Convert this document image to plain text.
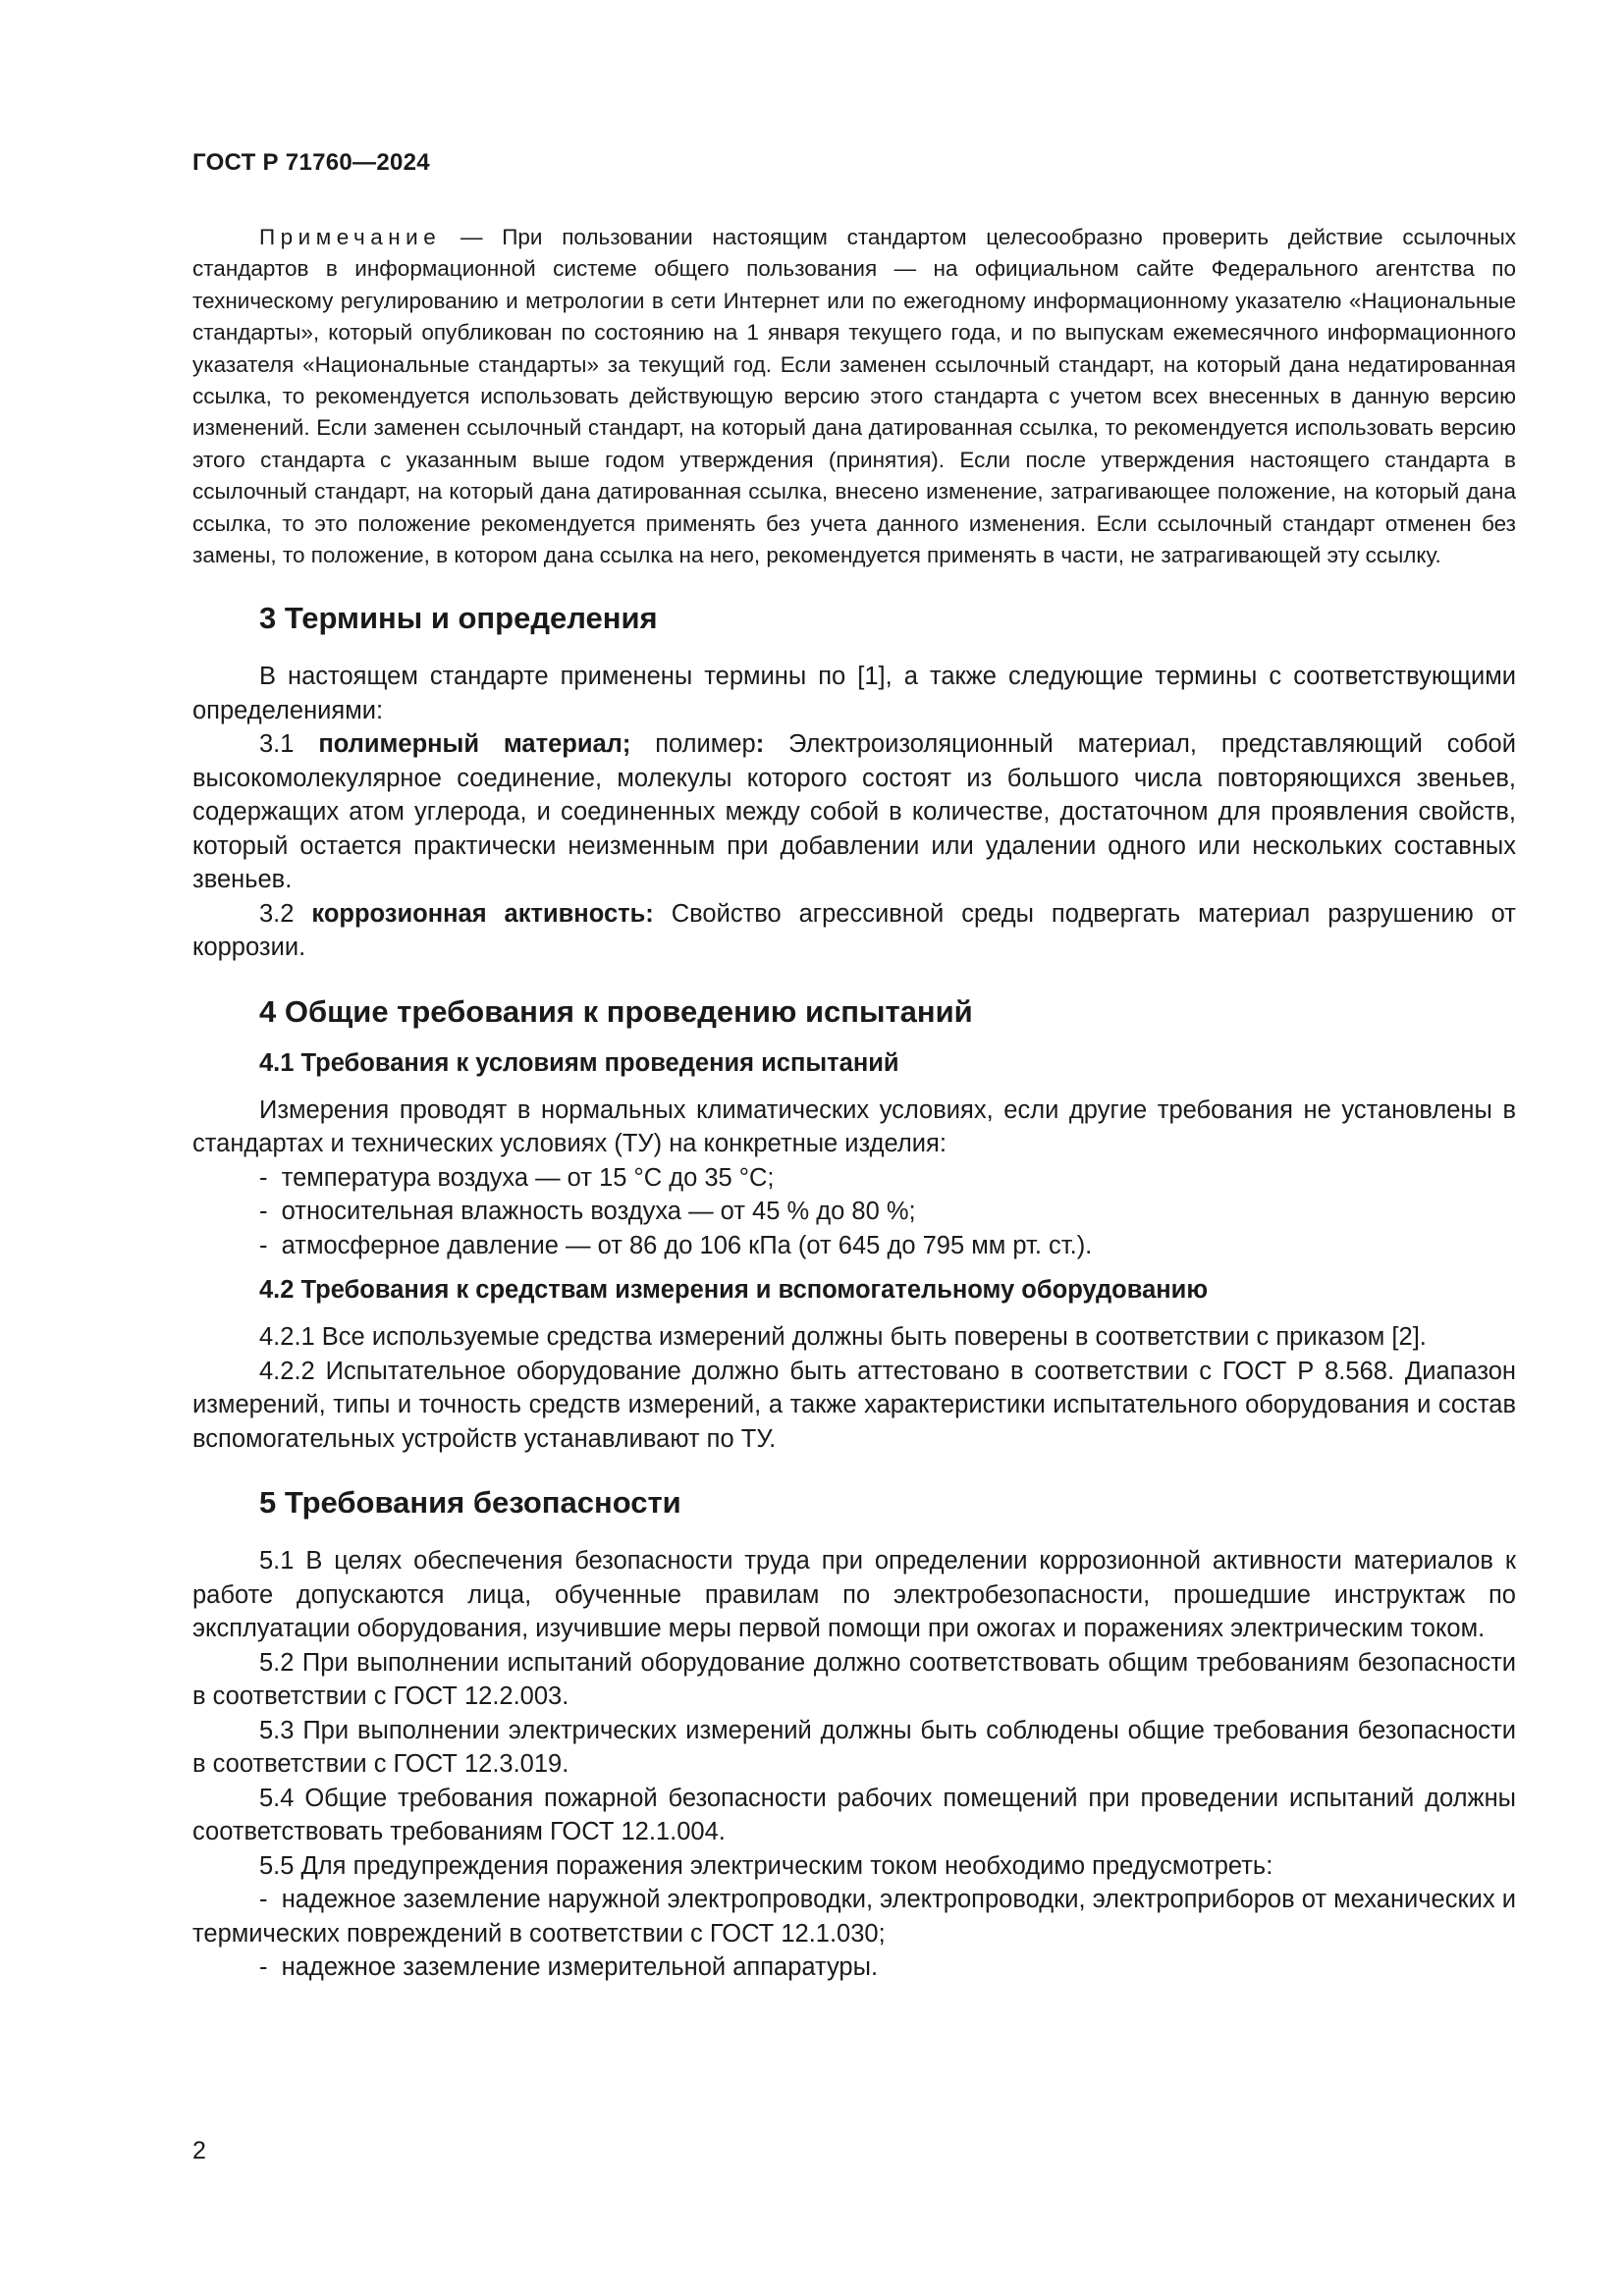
ГОСТ Р 71760—2024

Примечание — При пользовании настоящим стандартом целесообразно проверить действие ссылочных стандартов в информационной системе общего пользования — на официальном сайте Федерального агентства по техническому регулированию и метрологии в сети Интернет или по ежегодному информационному указателю «Национальные стандарты», который опубликован по состоянию на 1 января текущего года, и по выпускам ежемесячного информационного указателя «Национальные стандарты» за текущий год. Если заменен ссылочный стандарт, на который дана недатированная ссылка, то рекомендуется использовать действующую версию этого стандарта с учетом всех внесенных в данную версию изменений. Если заменен ссылочный стандарт, на который дана датированная ссылка, то рекомендуется использовать версию этого стандарта с указанным выше годом утверждения (принятия). Если после утверждения настоящего стандарта в ссылочный стандарт, на который дана датированная ссылка, внесено изменение, затрагивающее положение, на который дана ссылка, то это положение рекомендуется применять без учета данного изменения. Если ссылочный стандарт отменен без замены, то положение, в котором дана ссылка на него, рекомендуется применять в части, не затрагивающей эту ссылку.

3 Термины и определения

В настоящем стандарте применены термины по [1], а также следующие термины с соответствующими определениями:

3.1 полимерный материал; полимер: Электроизоляционный материал, представляющий собой высокомолекулярное соединение, молекулы которого состоят из большого числа повторяющихся звеньев, содержащих атом углерода, и соединенных между собой в количестве, достаточном для проявления свойств, который остается практически неизменным при добавлении или удалении одного или нескольких составных звеньев.

3.2 коррозионная активность: Свойство агрессивной среды подвергать материал разрушению от коррозии.

4 Общие требования к проведению испытаний
4.1 Требования к условиям проведения испытаний

Измерения проводят в нормальных климатических условиях, если другие требования не установлены в стандартах и технических условиях (ТУ) на конкретные изделия:

-  температура воздуха — от 15 °С до 35 °С;
-  относительная влажность воздуха — от 45 % до 80 %;
-  атмосферное давление — от 86 до 106 кПа (от 645 до 795 мм рт. ст.).
4.2 Требования к средствам измерения и вспомогательному оборудованию

4.2.1 Все используемые средства измерений должны быть поверены в соответствии с приказом [2].

4.2.2 Испытательное оборудование должно быть аттестовано в соответствии с ГОСТ Р 8.568. Диапазон измерений, типы и точность средств измерений, а также характеристики испытательного оборудования и состав вспомогательных устройств устанавливают по ТУ.

5 Требования безопасности

5.1 В целях обеспечения безопасности труда при определении коррозионной активности материалов к работе допускаются лица, обученные правилам по электробезопасности, прошедшие инструктаж по эксплуатации оборудования, изучившие меры первой помощи при ожогах и поражениях электрическим током.

5.2 При выполнении испытаний оборудование должно соответствовать общим требованиям безопасности в соответствии с ГОСТ 12.2.003.

5.3 При выполнении электрических измерений должны быть соблюдены общие требования безопасности в соответствии с ГОСТ 12.3.019.

5.4 Общие требования пожарной безопасности рабочих помещений при проведении испытаний должны соответствовать требованиям ГОСТ 12.1.004.

5.5 Для предупреждения поражения электрическим током необходимо предусмотреть:

-  надежное заземление наружной электропроводки, электропроводки, электроприборов от механических и термических повреждений в соответствии с ГОСТ 12.1.030;

-  надежное заземление измерительной аппаратуры.

2
